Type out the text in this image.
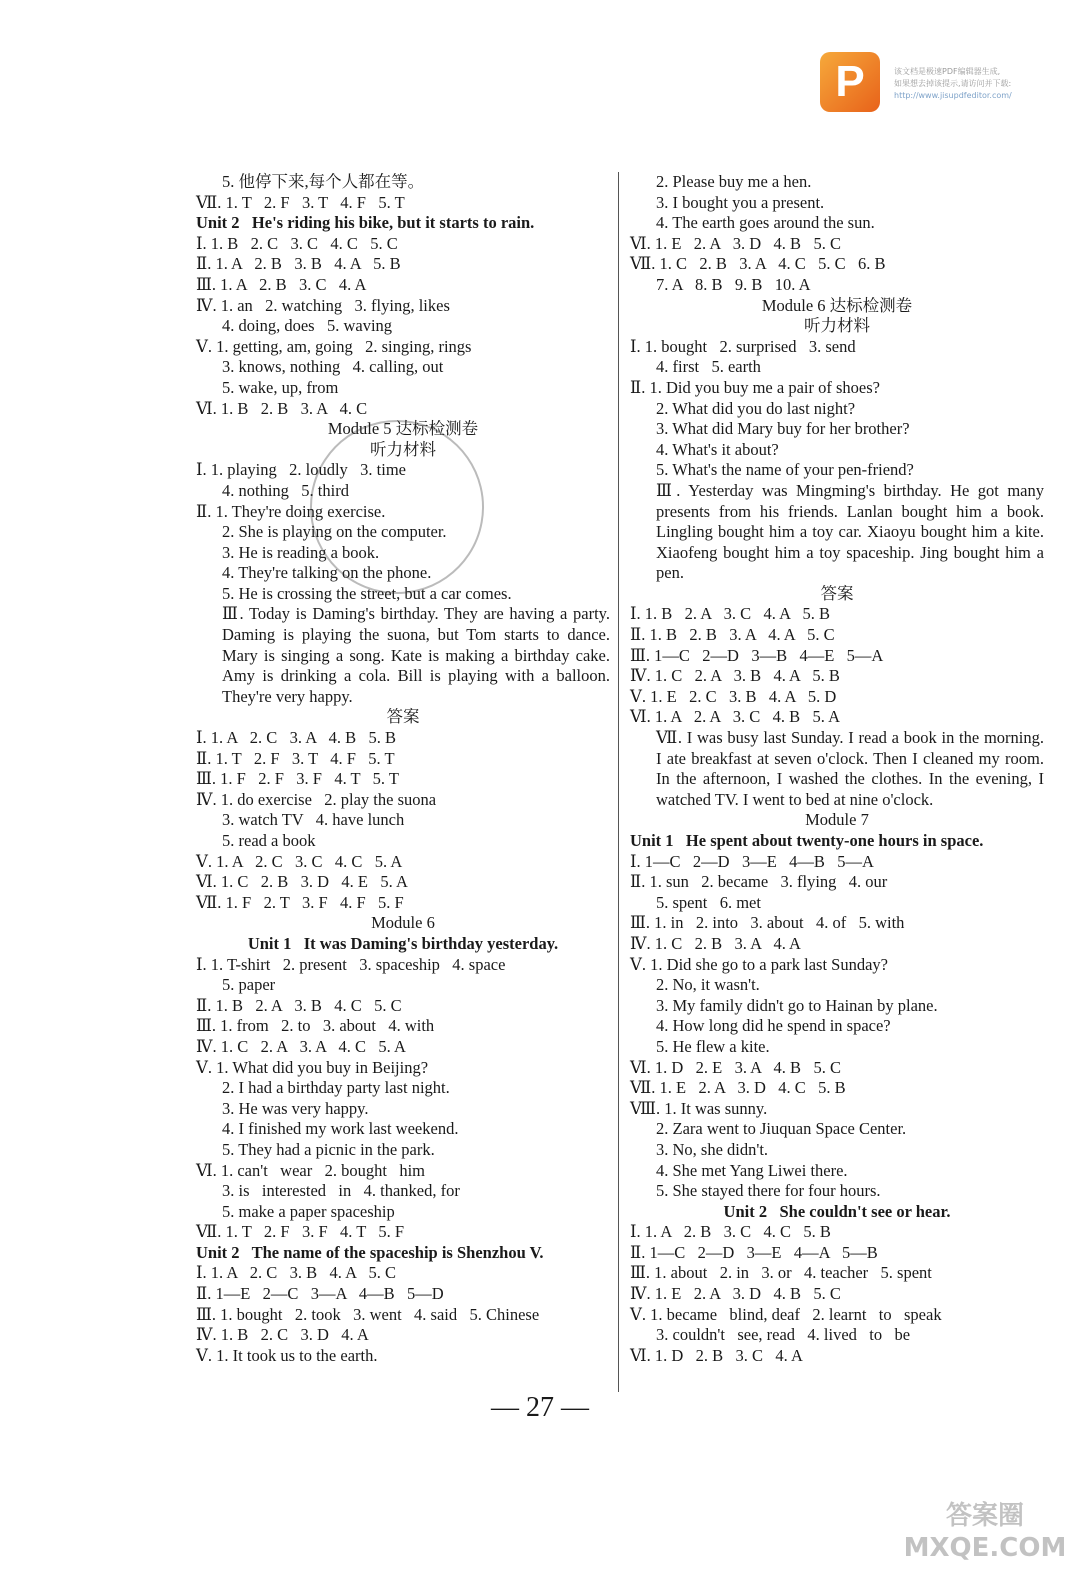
P	该文档是极速PDF编辑器生成,
如果想去掉该提示,请访问并下载:
http://www.jisupdfeditor.com/
5. 他停下来,每个人都在等。
Ⅶ. 1. T   2. F   3. T   4. F   5. T
Unit 2   He's riding his bike, but it starts to rain.
Ⅰ. 1. B   2. C   3. C   4. C   5. C
Ⅱ. 1. A   2. B   3. B   4. A   5. B
Ⅲ. 1. A   2. B   3. C   4. A
Ⅳ. 1. an   2. watching   3. flying, likes
4. doing, does   5. waving
Ⅴ. 1. getting, am, going   2. singing, rings
3. knows, nothing   4. calling, out
5. wake, up, from
Ⅵ. 1. B   2. B   3. A   4. C
Module 5 达标检测卷
听力材料
Ⅰ. 1. playing   2. loudly   3. time
4. nothing   5. third
Ⅱ. 1. They're doing exercise.
2. She is playing on the computer.
3. He is reading a book.
4. They're talking on the phone.
5. He is crossing the street, but a car comes.
Ⅲ. Today is Daming's birthday. They are having a party. Daming is playing the suona, but Tom starts to dance. Mary is singing a song. Kate is making a birthday cake. Amy is drinking a cola. Bill is playing with a balloon. They're very happy.
答案
Ⅰ. 1. A   2. C   3. A   4. B   5. B
Ⅱ. 1. T   2. F   3. T   4. F   5. T
Ⅲ. 1. F   2. F   3. F   4. T   5. T
Ⅳ. 1. do exercise   2. play the suona
3. watch TV   4. have lunch
5. read a book
Ⅴ. 1. A   2. C   3. C   4. C   5. A
Ⅵ. 1. C   2. B   3. D   4. E   5. A
Ⅶ. 1. F   2. T   3. F   4. F   5. F
Module 6
Unit 1   It was Daming's birthday yesterday.
Ⅰ. 1. T-shirt   2. present   3. spaceship   4. space
5. paper
Ⅱ. 1. B   2. A   3. B   4. C   5. C
Ⅲ. 1. from   2. to   3. about   4. with
Ⅳ. 1. C   2. A   3. A   4. C   5. A
Ⅴ. 1. What did you buy in Beijing?
2. I had a birthday party last night.
3. He was very happy.
4. I finished my work last weekend.
5. They had a picnic in the park.
Ⅵ. 1. can't   wear   2. bought   him
3. is   interested   in   4. thanked, for
5. make a paper spaceship
Ⅶ. 1. T   2. F   3. F   4. T   5. F
Unit 2   The name of the spaceship is Shenzhou V.
Ⅰ. 1. A   2. C   3. B   4. A   5. C
Ⅱ. 1—E   2—C   3—A   4—B   5—D
Ⅲ. 1. bought   2. took   3. went   4. said   5. Chinese
Ⅳ. 1. B   2. C   3. D   4. A
Ⅴ. 1. It took us to the earth.
2. Please buy me a hen.
3. I bought you a present.
4. The earth goes around the sun.
Ⅵ. 1. E   2. A   3. D   4. B   5. C
Ⅶ. 1. C   2. B   3. A   4. C   5. C   6. B
7. A   8. B   9. B   10. A
Module 6 达标检测卷
听力材料
Ⅰ. 1. bought   2. surprised   3. send
4. first   5. earth
Ⅱ. 1. Did you buy me a pair of shoes?
2. What did you do last night?
3. What did Mary buy for her brother?
4. What's it about?
5. What's the name of your pen-friend?
Ⅲ. Yesterday was Mingming's birthday. He got many presents from his friends. Lanlan bought him a book. Lingling bought him a toy car. Xiaoyu bought him a kite. Xiaofeng bought him a toy spaceship. Jing bought him a pen.
答案
Ⅰ. 1. B   2. A   3. C   4. A   5. B
Ⅱ. 1. B   2. B   3. A   4. A   5. C
Ⅲ. 1—C   2—D   3—B   4—E   5—A
Ⅳ. 1. C   2. A   3. B   4. A   5. B
Ⅴ. 1. E   2. C   3. B   4. A   5. D
Ⅵ. 1. A   2. A   3. C   4. B   5. A
Ⅶ. I was busy last Sunday. I read a book in the morning. I ate breakfast at seven o'clock. Then I cleaned my room. In the afternoon, I washed the clothes. In the evening, I watched TV. I went to bed at nine o'clock.
Module 7
Unit 1   He spent about twenty-one hours in space.
Ⅰ. 1—C   2—D   3—E   4—B   5—A
Ⅱ. 1. sun   2. became   3. flying   4. our
5. spent   6. met
Ⅲ. 1. in   2. into   3. about   4. of   5. with
Ⅳ. 1. C   2. B   3. A   4. A
Ⅴ. 1. Did she go to a park last Sunday?
2. No, it wasn't.
3. My family didn't go to Hainan by plane.
4. How long did he spend in space?
5. He flew a kite.
Ⅵ. 1. D   2. E   3. A   4. B   5. C
Ⅶ. 1. E   2. A   3. D   4. C   5. B
Ⅷ. 1. It was sunny.
2. Zara went to Jiuquan Space Center.
3. No, she didn't.
4. She met Yang Liwei there.
5. She stayed there for four hours.
Unit 2   She couldn't see or hear.
Ⅰ. 1. A   2. B   3. C   4. C   5. B
Ⅱ. 1—C   2—D   3—E   4—A   5—B
Ⅲ. 1. about   2. in   3. or   4. teacher   5. spent
Ⅳ. 1. E   2. A   3. D   4. B   5. C
Ⅴ. 1. became   blind, deaf   2. learnt   to   speak
3. couldn't   see, read   4. lived   to   be
Ⅵ. 1. D   2. B   3. C   4. A
— 27 —
答案圈
MXQE.COM
